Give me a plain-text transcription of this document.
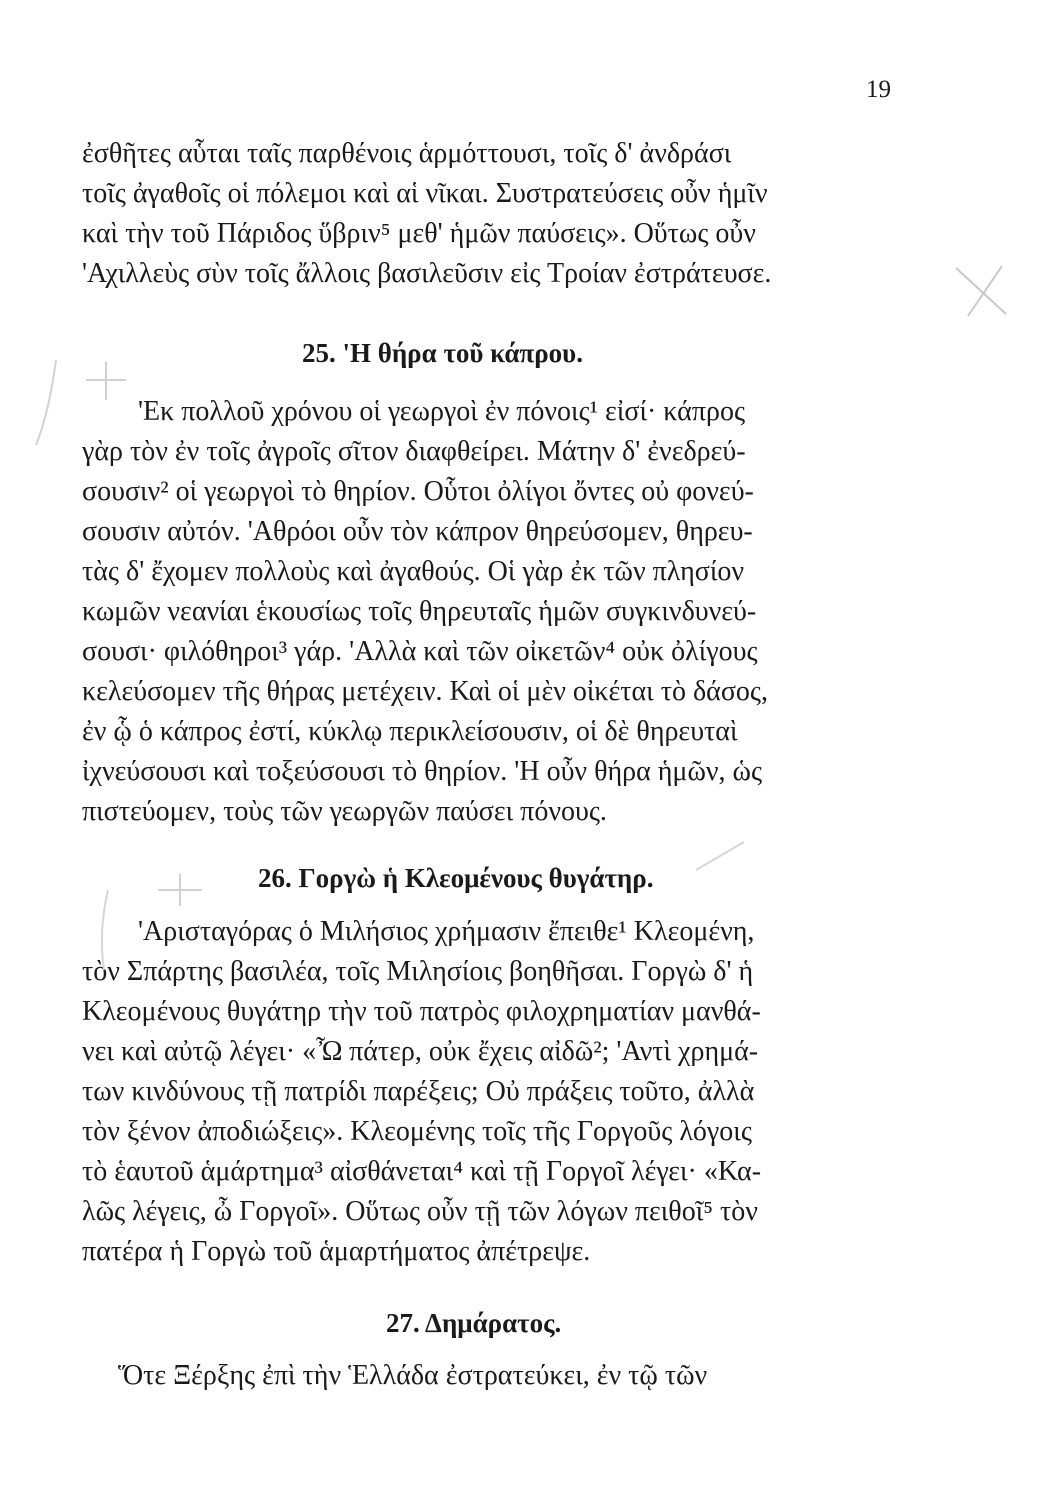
19
ἐσθῆτες αὗται ταῖς παρθένοις ἁρμόττουσι, τοῖς δ' ἀνδράσι
τοῖς ἀγαθοῖς οἱ πόλεμοι καὶ αἱ νῖκαι. Συστρατεύσεις οὖν ἡμῖν
καὶ τὴν τοῦ Πάριδος ὕβριν⁵ μεθ' ἡμῶν παύσεις». Οὕτως οὖν
'Αχιλλεὺς σὺν τοῖς ἄλλοις βασιλεῦσιν εἰς Τροίαν ἐστράτευσε.
25. 'Η θήρα τοῦ κάπρου.
'Εκ πολλοῦ χρόνου οἱ γεωργοὶ ἐν πόνοις¹ εἰσί· κάπρος
γὰρ τὸν ἐν τοῖς ἀγροῖς σῖτον διαφθείρει. Μάτην δ' ἐνεδρεύ-
σουσιν² οἱ γεωργοὶ τὸ θηρίον. Οὗτοι ὀλίγοι ὄντες οὐ φονεύ-
σουσιν αὐτόν. 'Αθρόοι οὖν τὸν κάπρον θηρεύσομεν, θηρευ-
τὰς δ' ἔχομεν πολλοὺς καὶ ἀγαθούς. Οἱ γὰρ ἐκ τῶν πλησίον
κωμῶν νεανίαι ἑκουσίως τοῖς θηρευταῖς ἡμῶν συγκινδυνεύ-
σουσι· φιλόθηροι³ γάρ. 'Αλλὰ καὶ τῶν οἰκετῶν⁴ οὐκ ὀλίγους
κελεύσομεν τῆς θήρας μετέχειν. Καὶ οἱ μὲν οἰκέται τὸ δάσος,
ἐν ᾧ ὁ κάπρος ἐστί, κύκλῳ περικλείσουσιν, οἱ δὲ θηρευταὶ
ἰχνεύσουσι καὶ τοξεύσουσι τὸ θηρίον. 'Η οὖν θήρα ἡμῶν, ὡς
πιστεύομεν, τοὺς τῶν γεωργῶν παύσει πόνους.
26. Γοργὼ ἡ Κλεομένους θυγάτηρ.
'Αρισταγόρας ὁ Μιλήσιος χρήμασιν ἔπειθε¹ Κλεομένη,
τὸν Σπάρτης βασιλέα, τοῖς Μιλησίοις βοηθῆσαι. Γοργὼ δ' ἡ
Κλεομένους θυγάτηρ τὴν τοῦ πατρὸς φιλοχρηματίαν μανθά-
νει καὶ αὐτῷ λέγει· «Ὦ πάτερ, οὐκ ἔχεις αἰδῶ²; 'Αντὶ χρημά-
των κινδύνους τῇ πατρίδι παρέξεις; Οὐ πράξεις τοῦτο, ἀλλὰ
τὸν ξένον ἀποδιώξεις». Κλεομένης τοῖς τῆς Γοργοῦς λόγοις
τὸ ἑαυτοῦ ἁμάρτημα³ αἰσθάνεται⁴ καὶ τῇ Γοργοῖ λέγει· «Κα-
λῶς λέγεις, ὦ Γοργοῖ». Οὕτως οὖν τῇ τῶν λόγων πειθοῖ⁵ τὸν
πατέρα ἡ Γοργὼ τοῦ ἁμαρτήματος ἀπέτρεψε.
27. Δημάρατος.
Ὅτε Ξέρξης ἐπὶ τὴν Ἑλλάδα ἐστρατεύκει, ἐν τῷ τῶν
